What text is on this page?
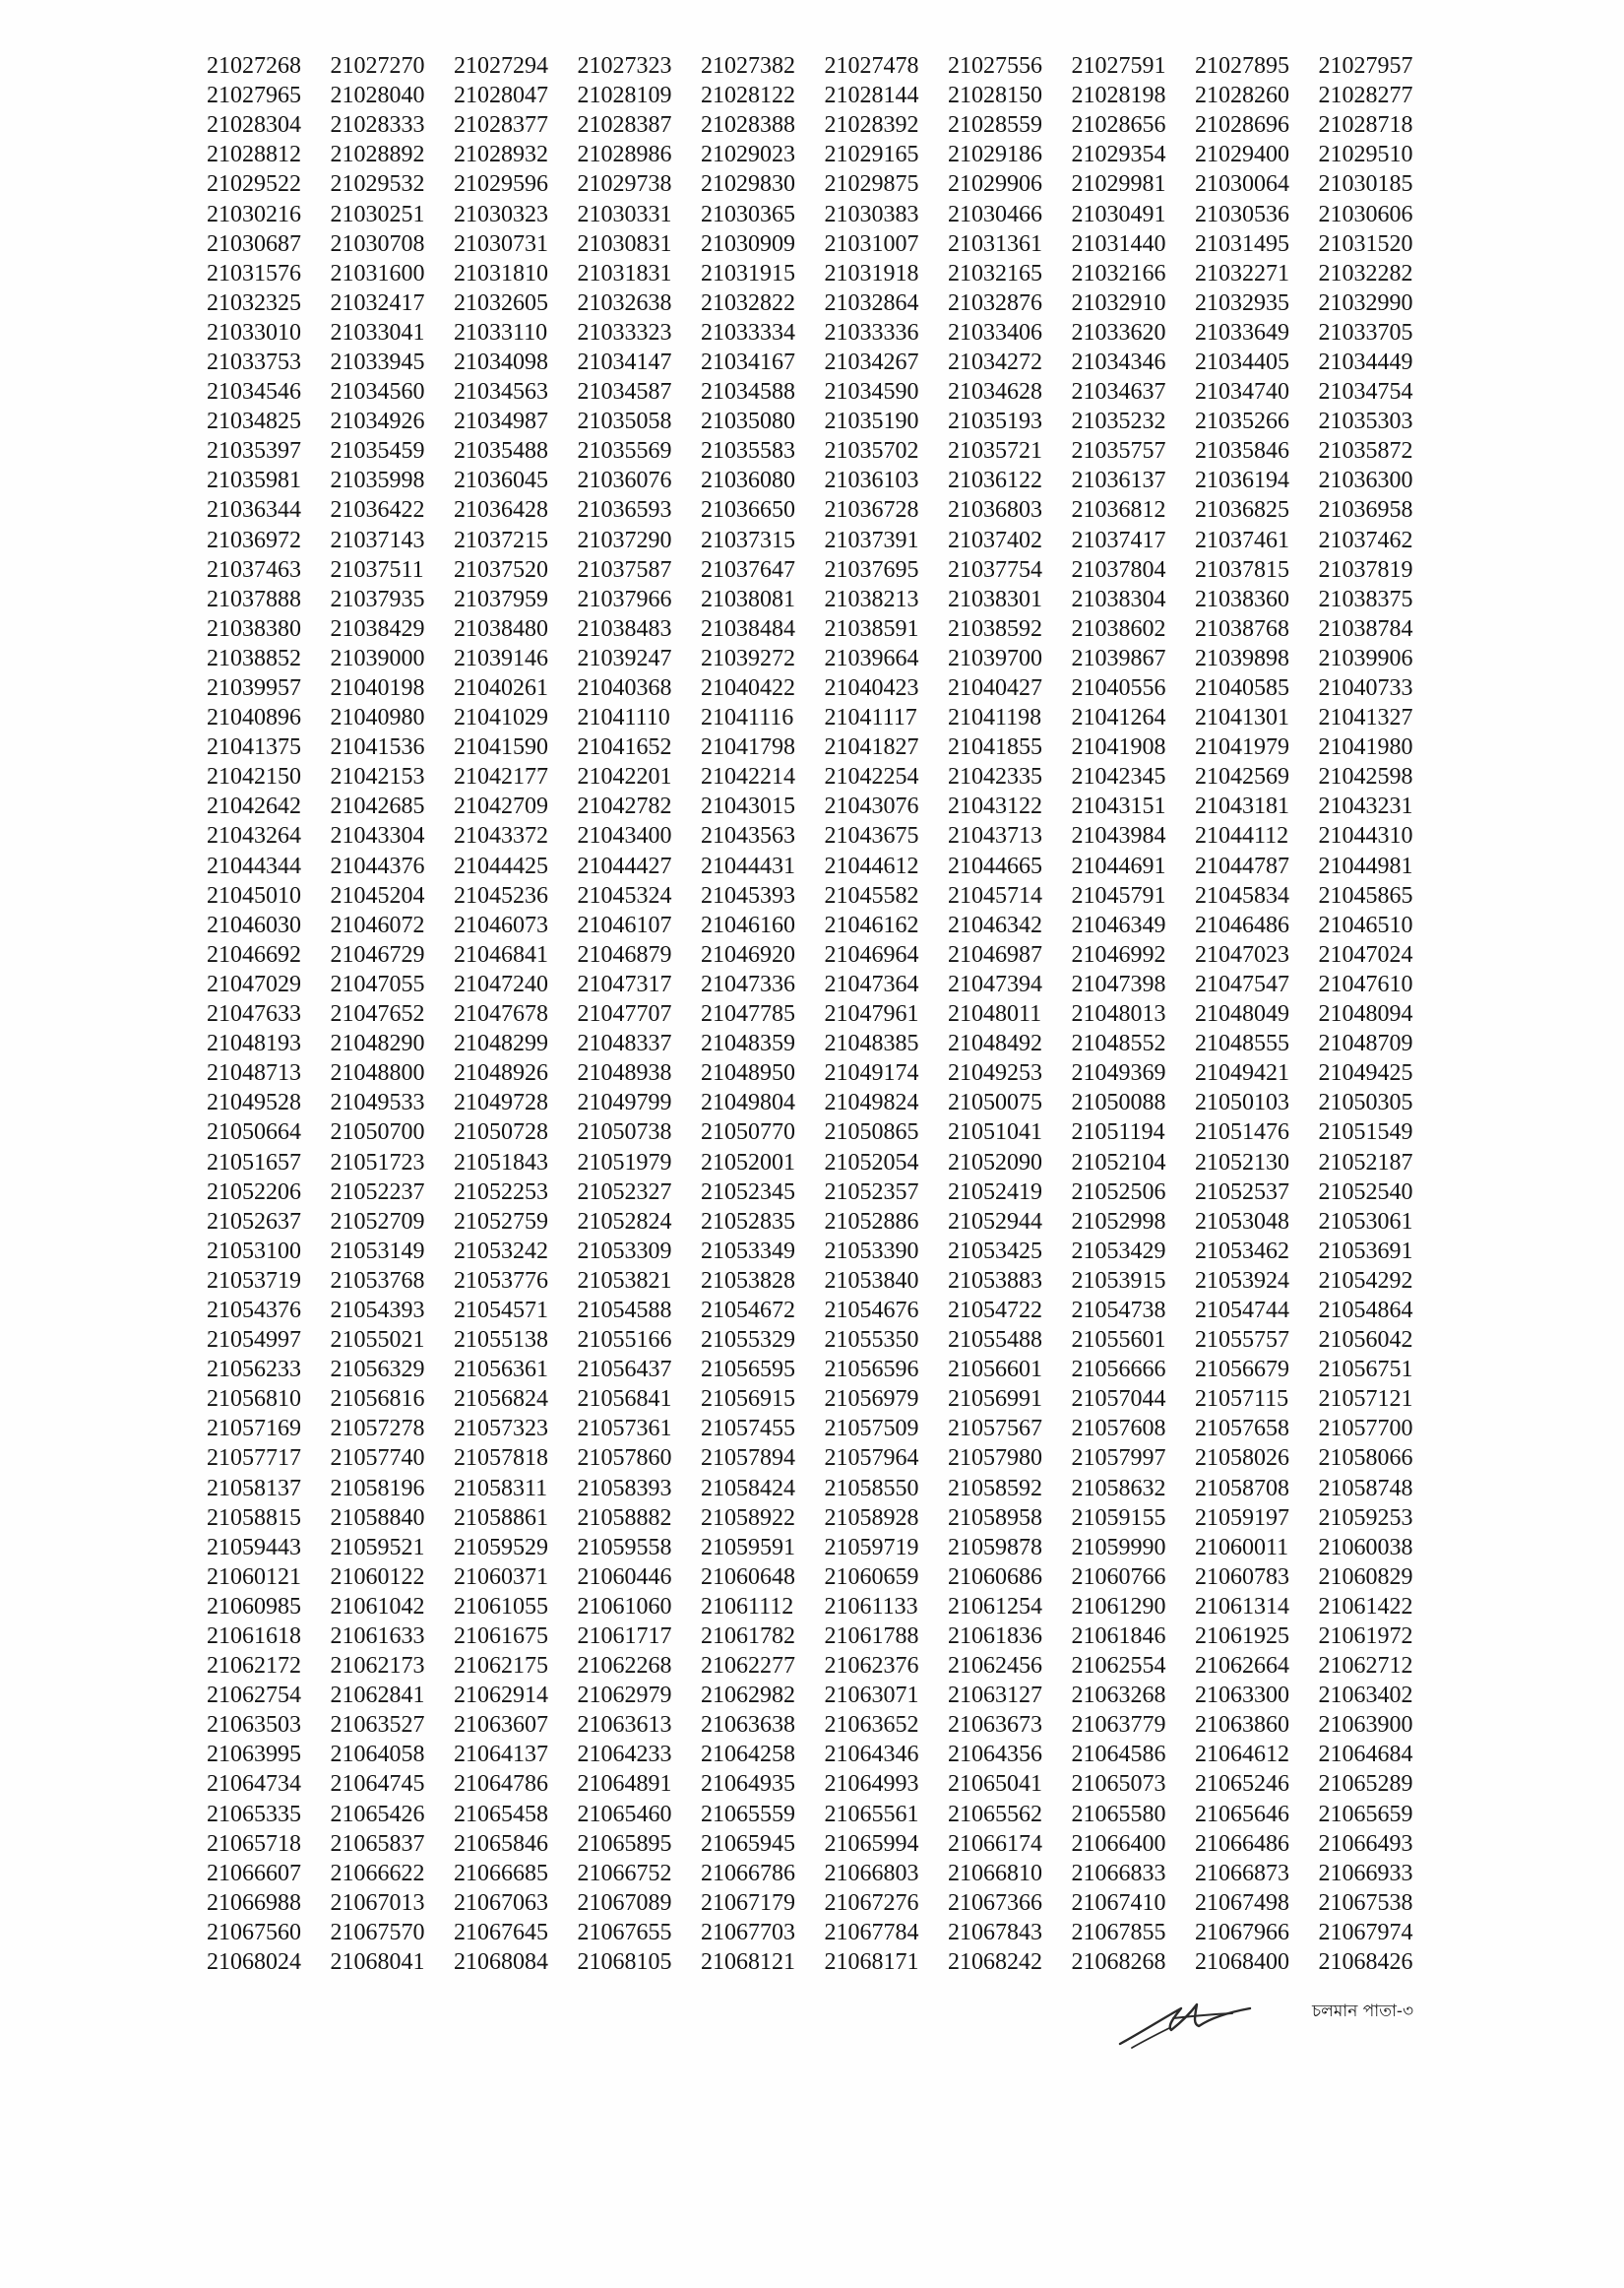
21027268	21027270	21027294	21027323	21027382	21027478	21027556	21027591	21027895	21027957
21027965	21028040	21028047	21028109	21028122	21028144	21028150	21028198	21028260	21028277
21028304	21028333	21028377	21028387	21028388	21028392	21028559	21028656	21028696	21028718
21028812	21028892	21028932	21028986	21029023	21029165	21029186	21029354	21029400	21029510
21029522	21029532	21029596	21029738	21029830	21029875	21029906	21029981	21030064	21030185
21030216	21030251	21030323	21030331	21030365	21030383	21030466	21030491	21030536	21030606
21030687	21030708	21030731	21030831	21030909	21031007	21031361	21031440	21031495	21031520
21031576	21031600	21031810	21031831	21031915	21031918	21032165	21032166	21032271	21032282
21032325	21032417	21032605	21032638	21032822	21032864	21032876	21032910	21032935	21032990
21033010	21033041	21033110	21033323	21033334	21033336	21033406	21033620	21033649	21033705
21033753	21033945	21034098	21034147	21034167	21034267	21034272	21034346	21034405	21034449
21034546	21034560	21034563	21034587	21034588	21034590	21034628	21034637	21034740	21034754
21034825	21034926	21034987	21035058	21035080	21035190	21035193	21035232	21035266	21035303
21035397	21035459	21035488	21035569	21035583	21035702	21035721	21035757	21035846	21035872
21035981	21035998	21036045	21036076	21036080	21036103	21036122	21036137	21036194	21036300
21036344	21036422	21036428	21036593	21036650	21036728	21036803	21036812	21036825	21036958
21036972	21037143	21037215	21037290	21037315	21037391	21037402	21037417	21037461	21037462
21037463	21037511	21037520	21037587	21037647	21037695	21037754	21037804	21037815	21037819
21037888	21037935	21037959	21037966	21038081	21038213	21038301	21038304	21038360	21038375
21038380	21038429	21038480	21038483	21038484	21038591	21038592	21038602	21038768	21038784
21038852	21039000	21039146	21039247	21039272	21039664	21039700	21039867	21039898	21039906
21039957	21040198	21040261	21040368	21040422	21040423	21040427	21040556	21040585	21040733
21040896	21040980	21041029	21041110	21041116	21041117	21041198	21041264	21041301	21041327
21041375	21041536	21041590	21041652	21041798	21041827	21041855	21041908	21041979	21041980
21042150	21042153	21042177	21042201	21042214	21042254	21042335	21042345	21042569	21042598
21042642	21042685	21042709	21042782	21043015	21043076	21043122	21043151	21043181	21043231
21043264	21043304	21043372	21043400	21043563	21043675	21043713	21043984	21044112	21044310
21044344	21044376	21044425	21044427	21044431	21044612	21044665	21044691	21044787	21044981
21045010	21045204	21045236	21045324	21045393	21045582	21045714	21045791	21045834	21045865
21046030	21046072	21046073	21046107	21046160	21046162	21046342	21046349	21046486	21046510
21046692	21046729	21046841	21046879	21046920	21046964	21046987	21046992	21047023	21047024
21047029	21047055	21047240	21047317	21047336	21047364	21047394	21047398	21047547	21047610
21047633	21047652	21047678	21047707	21047785	21047961	21048011	21048013	21048049	21048094
21048193	21048290	21048299	21048337	21048359	21048385	21048492	21048552	21048555	21048709
21048713	21048800	21048926	21048938	21048950	21049174	21049253	21049369	21049421	21049425
21049528	21049533	21049728	21049799	21049804	21049824	21050075	21050088	21050103	21050305
21050664	21050700	21050728	21050738	21050770	21050865	21051041	21051194	21051476	21051549
21051657	21051723	21051843	21051979	21052001	21052054	21052090	21052104	21052130	21052187
21052206	21052237	21052253	21052327	21052345	21052357	21052419	21052506	21052537	21052540
21052637	21052709	21052759	21052824	21052835	21052886	21052944	21052998	21053048	21053061
21053100	21053149	21053242	21053309	21053349	21053390	21053425	21053429	21053462	21053691
21053719	21053768	21053776	21053821	21053828	21053840	21053883	21053915	21053924	21054292
21054376	21054393	21054571	21054588	21054672	21054676	21054722	21054738	21054744	21054864
21054997	21055021	21055138	21055166	21055329	21055350	21055488	21055601	21055757	21056042
21056233	21056329	21056361	21056437	21056595	21056596	21056601	21056666	21056679	21056751
21056810	21056816	21056824	21056841	21056915	21056979	21056991	21057044	21057115	21057121
21057169	21057278	21057323	21057361	21057455	21057509	21057567	21057608	21057658	21057700
21057717	21057740	21057818	21057860	21057894	21057964	21057980	21057997	21058026	21058066
21058137	21058196	21058311	21058393	21058424	21058550	21058592	21058632	21058708	21058748
21058815	21058840	21058861	21058882	21058922	21058928	21058958	21059155	21059197	21059253
21059443	21059521	21059529	21059558	21059591	21059719	21059878	21059990	21060011	21060038
21060121	21060122	21060371	21060446	21060648	21060659	21060686	21060766	21060783	21060829
21060985	21061042	21061055	21061060	21061112	21061133	21061254	21061290	21061314	21061422
21061618	21061633	21061675	21061717	21061782	21061788	21061836	21061846	21061925	21061972
21062172	21062173	21062175	21062268	21062277	21062376	21062456	21062554	21062664	21062712
21062754	21062841	21062914	21062979	21062982	21063071	21063127	21063268	21063300	21063402
21063503	21063527	21063607	21063613	21063638	21063652	21063673	21063779	21063860	21063900
21063995	21064058	21064137	21064233	21064258	21064346	21064356	21064586	21064612	21064684
21064734	21064745	21064786	21064891	21064935	21064993	21065041	21065073	21065246	21065289
21065335	21065426	21065458	21065460	21065559	21065561	21065562	21065580	21065646	21065659
21065718	21065837	21065846	21065895	21065945	21065994	21066174	21066400	21066486	21066493
21066607	21066622	21066685	21066752	21066786	21066803	21066810	21066833	21066873	21066933
21066988	21067013	21067063	21067089	21067179	21067276	21067366	21067410	21067498	21067538
21067560	21067570	21067645	21067655	21067703	21067784	21067843	21067855	21067966	21067974
21068024	21068041	21068084	21068105	21068121	21068171	21068242	21068268	21068400	21068426
চলমান পাতা-৩
